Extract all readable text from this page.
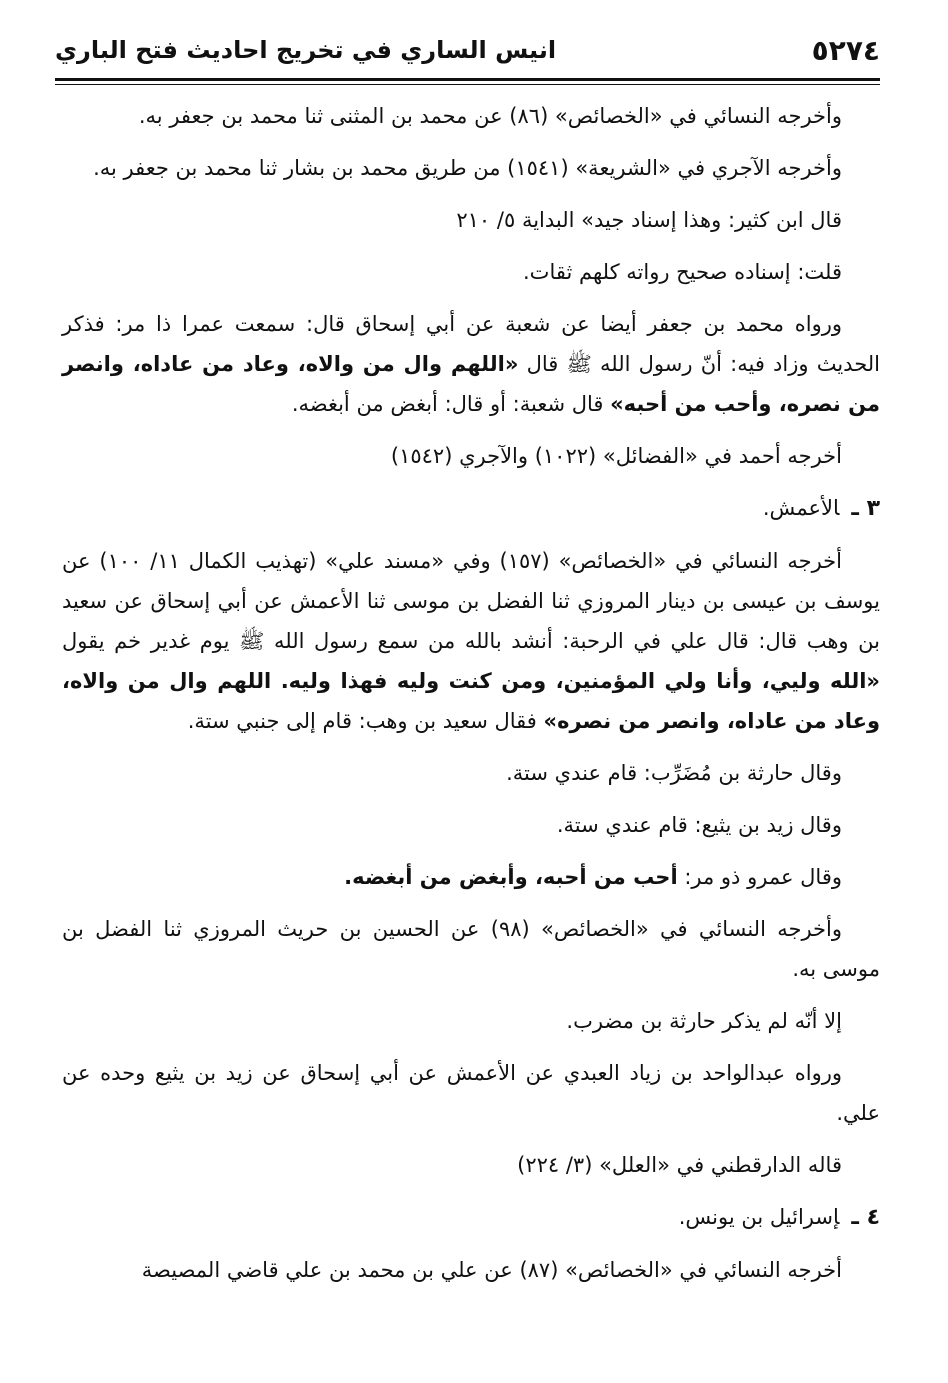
٥٢٧٤
انيس الساري في تخريج احاديث فتح الباري

وأخرجه النسائي في «الخصائص» (٨٦) عن محمد بن المثنى ثنا محمد بن جعفر به.

وأخرجه الآجري في «الشريعة» (١٥٤١) من طريق محمد بن بشار ثنا محمد بن جعفر به.

قال ابن كثير: وهذا إسناد جيد» البداية ٥/ ٢١٠

قلت: إسناده صحيح رواته كلهم ثقات.

ورواه محمد بن جعفر أيضا عن شعبة عن أبي إسحاق قال: سمعت عمرا ذا مر: فذكر الحديث وزاد فيه: أنّ رسول الله ﷺ قال «اللهم وال من والاه، وعاد من عاداه، وانصر من نصره، وأحب من أحبه» قال شعبة: أو قال: أبغض من أبغضه.

أخرجه أحمد في «الفضائل» (١٠٢٢) والآجري (١٥٤٢)

٣ ـالأعمش.

أخرجه النسائي في «الخصائص» (١٥٧) وفي «مسند علي» (تهذيب الكمال ١١/ ١٠٠) عن يوسف بن عيسى بن دينار المروزي ثنا الفضل بن موسى ثنا الأعمش عن أبي إسحاق عن سعيد بن وهب قال: قال علي في الرحبة: أنشد بالله من سمع رسول الله ﷺ يوم غدير خم يقول «الله وليي، وأنا ولي المؤمنين، ومن كنت وليه فهذا وليه. اللهم وال من والاه، وعاد من عاداه، وانصر من نصره» فقال سعيد بن وهب: قام إلى جنبي ستة.

وقال حارثة بن مُضَرِّب: قام عندي ستة.

وقال زيد بن يثيع: قام عندي ستة.

وقال عمرو ذو مر: أحب من أحبه، وأبغض من أبغضه.

وأخرجه النسائي في «الخصائص» (٩٨) عن الحسين بن حريث المروزي ثنا الفضل بن موسى به.

إلا أنّه لم يذكر حارثة بن مضرب.

ورواه عبدالواحد بن زياد العبدي عن الأعمش عن أبي إسحاق عن زيد بن يثيع وحده عن علي.

قاله الدارقطني في «العلل» (٣/ ٢٢٤)

٤ ـإسرائيل بن يونس.

أخرجه النسائي في «الخصائص» (٨٧) عن علي بن محمد بن علي قاضي المصيصة
